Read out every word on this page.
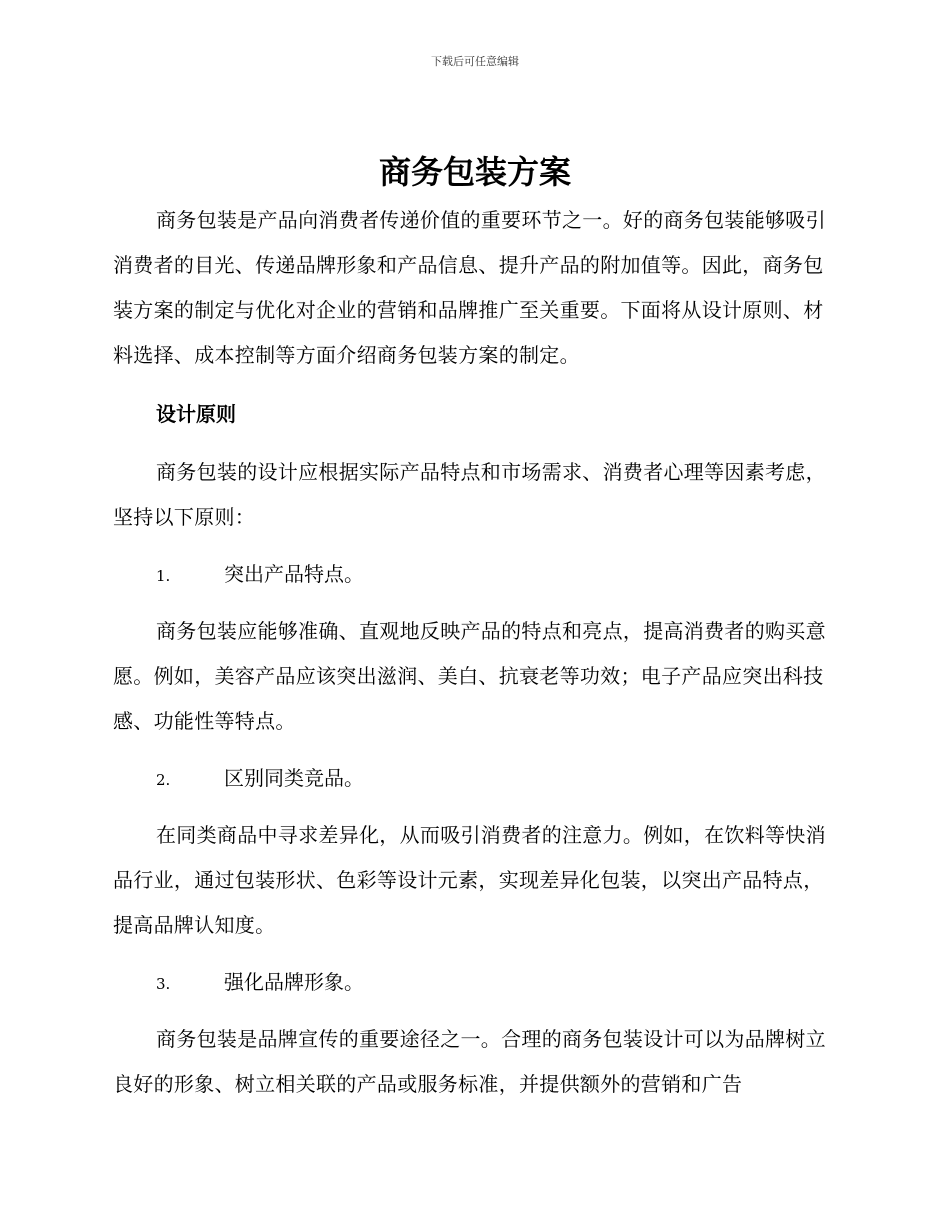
下载后可任意编辑
商务包装方案

商务包装是产品向消费者传递价值的重要环节之一。好的商务包装能够吸引消费者的目光、传递品牌形象和产品信息、提升产品的附加值等。因此，商务包装方案的制定与优化对企业的营销和品牌推广至关重要。下面将从设计原则、材料选择、成本控制等方面介绍商务包装方案的制定。

设计原则

商务包装的设计应根据实际产品特点和市场需求、消费者心理等因素考虑，坚持以下原则：

1.	突出产品特点。

商务包装应能够准确、直观地反映产品的特点和亮点，提高消费者的购买意愿。例如，美容产品应该突出滋润、美白、抗衰老等功效；电子产品应突出科技感、功能性等特点。

2.	区别同类竞品。

在同类商品中寻求差异化，从而吸引消费者的注意力。例如，在饮料等快消品行业，通过包装形状、色彩等设计元素，实现差异化包装，以突出产品特点，提高品牌认知度。

3.	强化品牌形象。

商务包装是品牌宣传的重要途径之一。合理的商务包装设计可以为品牌树立良好的形象、树立相关联的产品或服务标准，并提供额外的营销和广告
